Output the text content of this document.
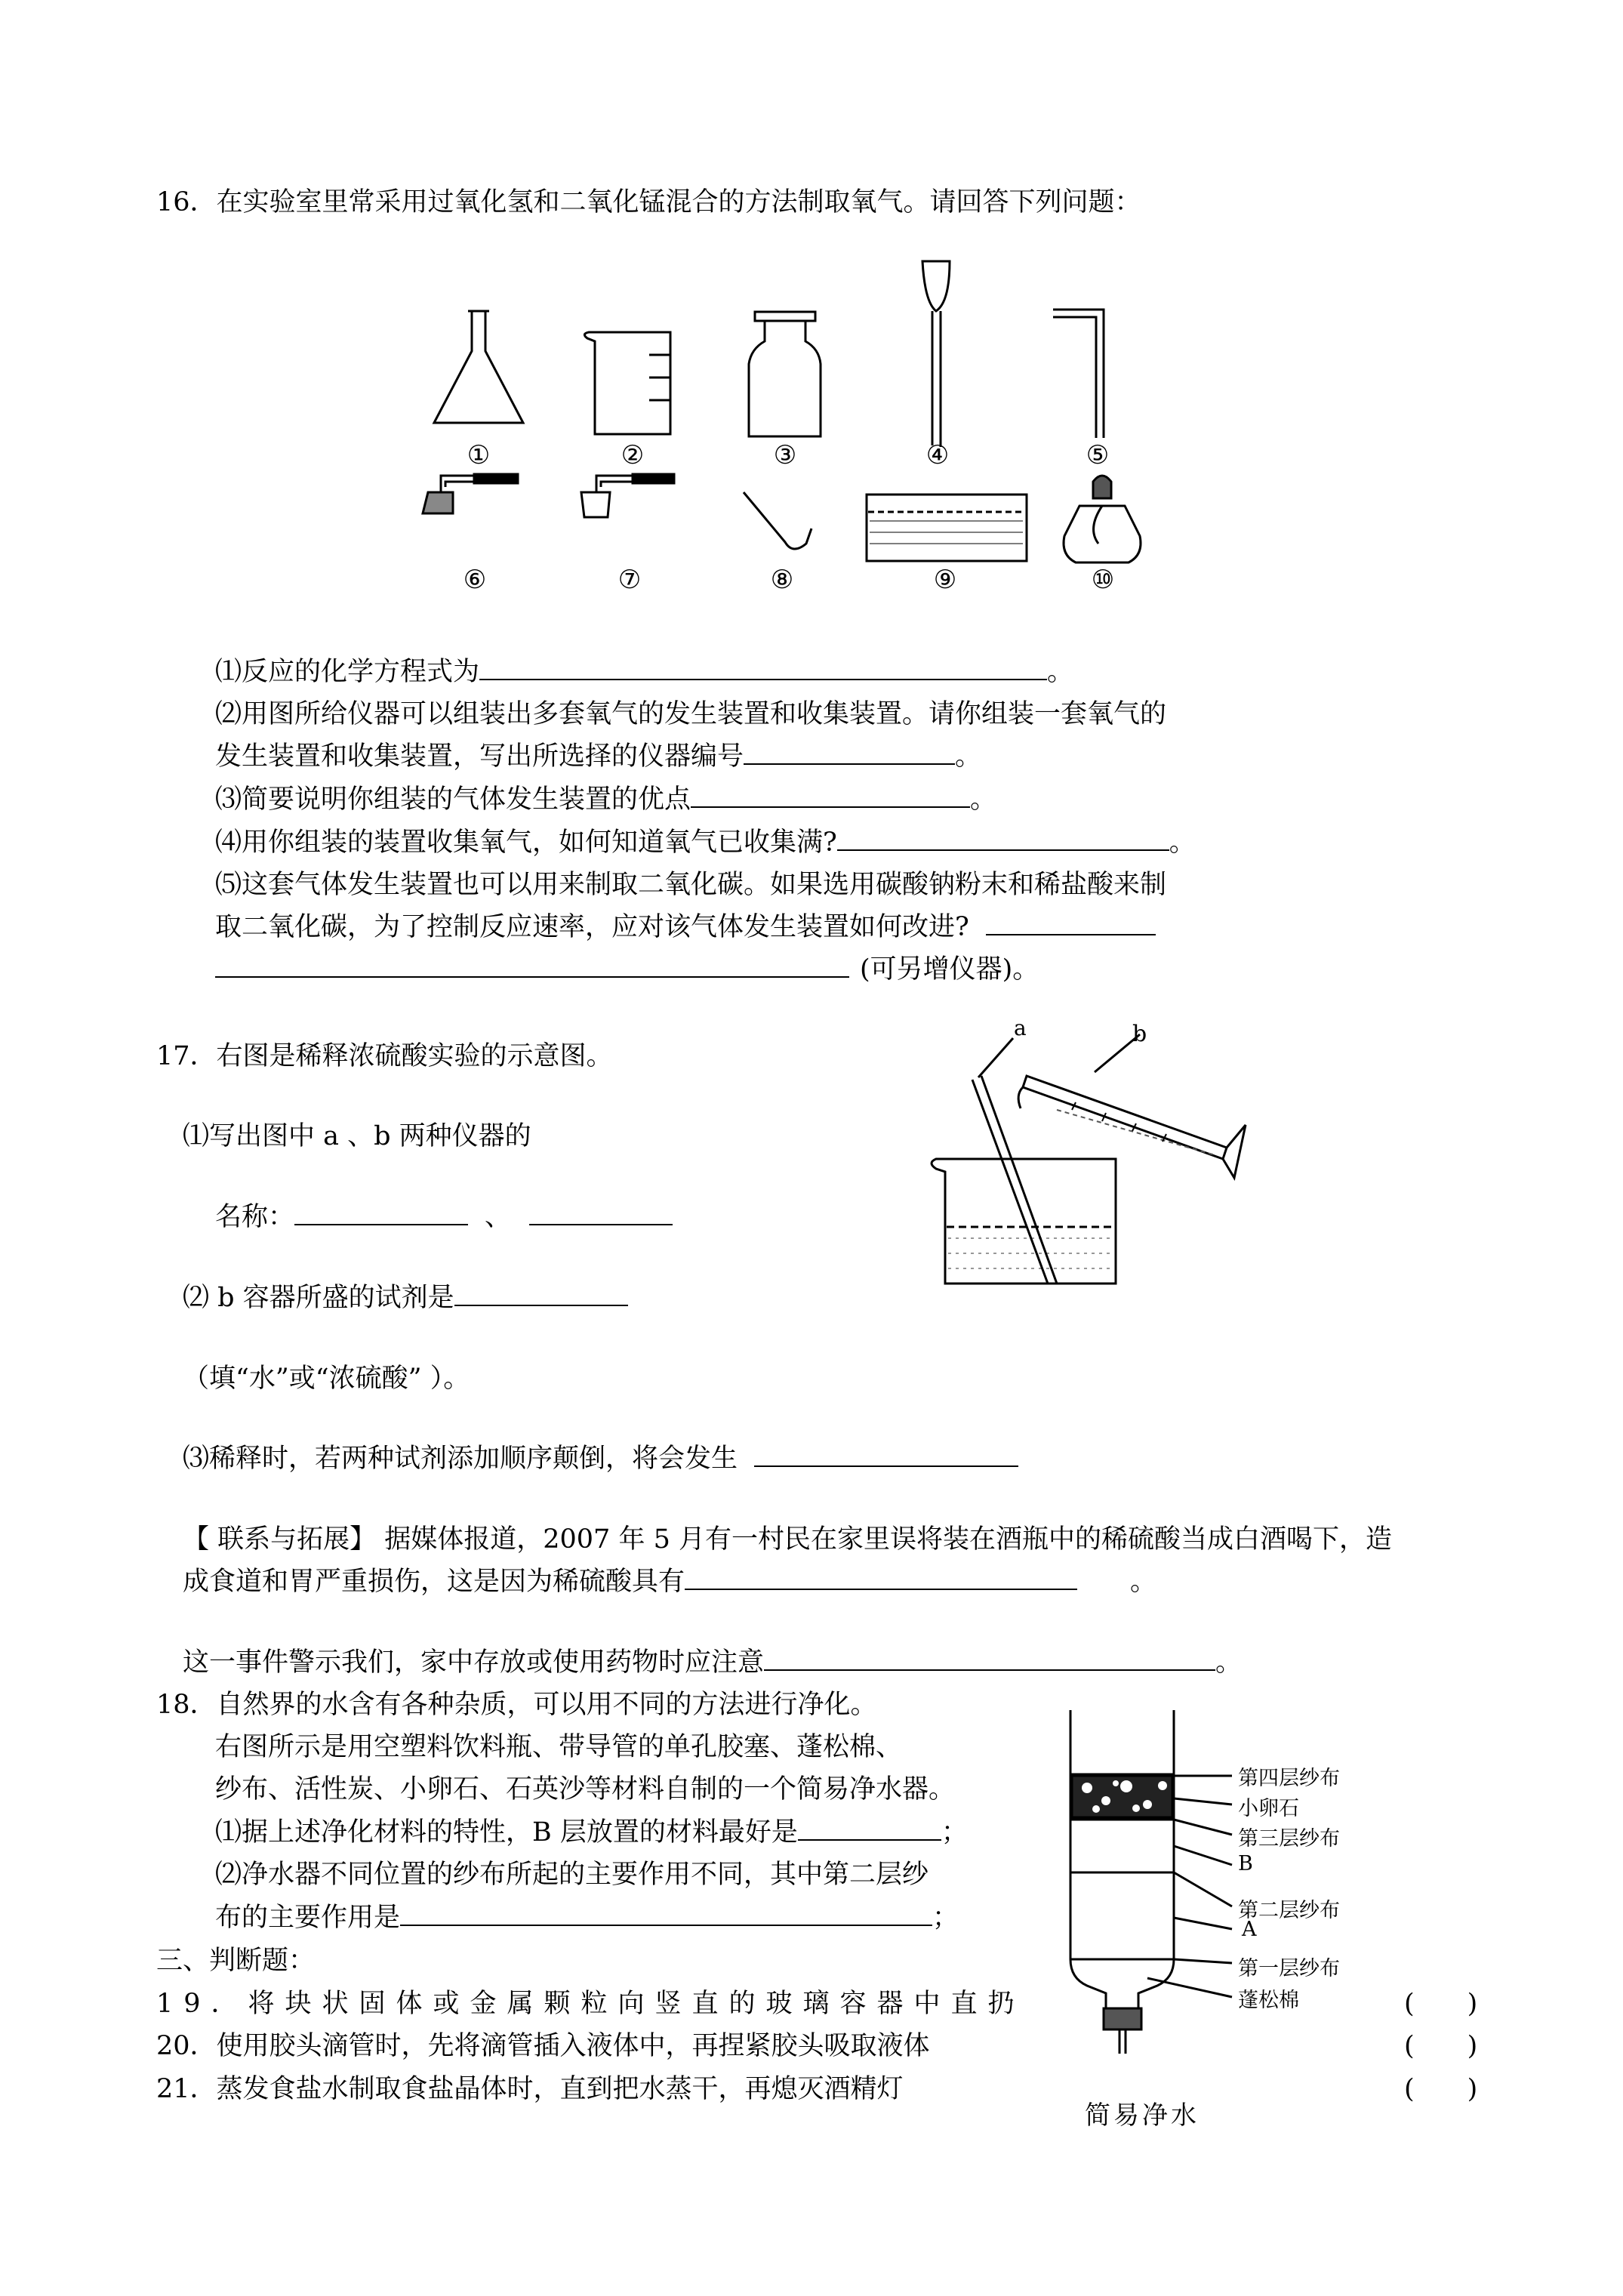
16．在实验室里常采用过氧化氢和二氧化锰混合的方法制取氧气。请回答下列问题：
①	②	③	④	⑤
⑥	⑦	⑧	⑨	⑩
⑴反应的化学方程式为	。
⑵用图所给仪器可以组装出多套氧气的发生装置和收集装置。请你组装一套氧气的
发生装置和收集装置，写出所选择的仪器编号	。
⑶简要说明你组装的气体发生装置的优点	。
⑷用你组装的装置收集氧气，如何知道氧气已收集满?	。
⑸这套气体发生装置也可以用来制取二氧化碳。如果选用碳酸钠粉末和稀盐酸来制
取二氧化碳，为了控制反应速率，应对该气体发生装置如何改进?
(可另增仪器)。
17．右图是稀释浓硫酸实验的示意图。
⑴写出图中 a 、b 两种仪器的
名称：	、
⑵ b 容器所盛的试剂是
（填“水”或“浓硫酸” ）。
⑶稀释时，若两种试剂添加顺序颠倒，将会发生
a	b
【 联系与拓展】 据媒体报道，2007 年 5 月有一村民在家里误将装在酒瓶中的稀硫酸当成白酒喝下，造
成食道和胃严重损伤，这是因为稀硫酸具有	。
这一事件警示我们，家中存放或使用药物时应注意	。
18．自然界的水含有各种杂质，可以用不同的方法进行净化。
右图所示是用空塑料饮料瓶、带导管的单孔胶塞、蓬松棉、
纱布、活性炭、小卵石、石英沙等材料自制的一个简易净水器。
⑴据上述净化材料的特性，B 层放置的材料最好是	；
⑵净水器不同位置的纱布所起的主要作用不同，其中第二层纱
布的主要作用是	；
第四层纱布
小卵石
第三层纱布
B
第二层纱布
A
第一层纱布
蓬松棉
简易净水
三、判断题：
19．将块状固体或金属颗粒向竖直的玻璃容器中直扔	(　　)
20．使用胶头滴管时，先将滴管插入液体中，再捏紧胶头吸取液体	(　　)
21．蒸发食盐水制取食盐晶体时，直到把水蒸干，再熄灭酒精灯	(　　)
